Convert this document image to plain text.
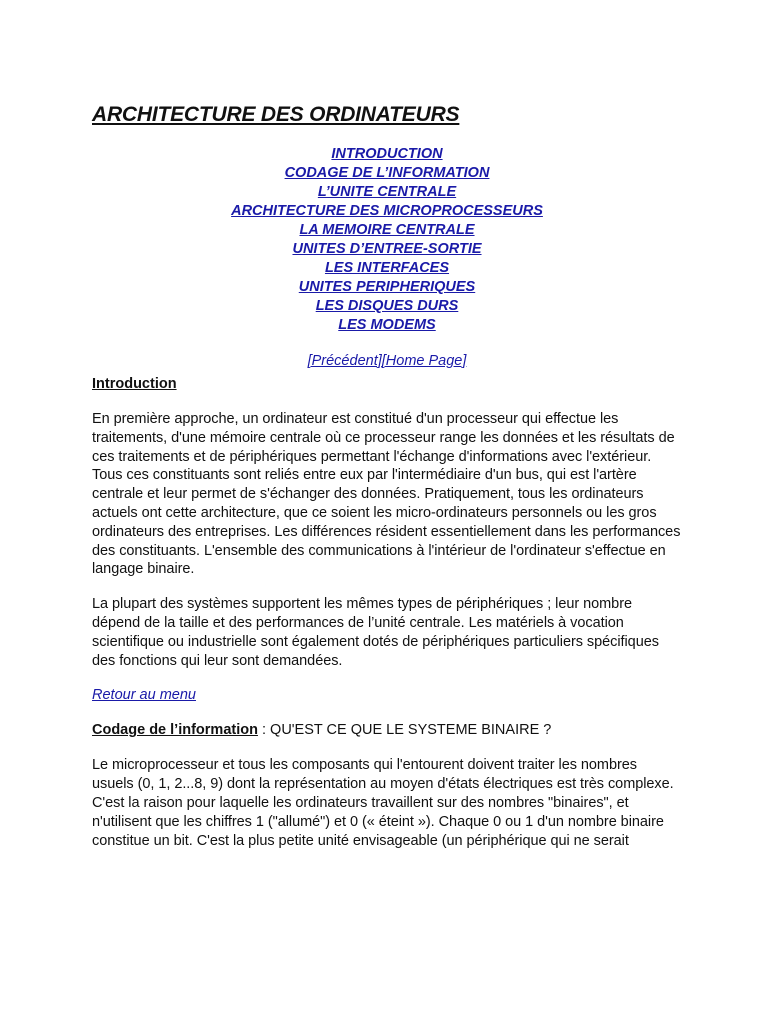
ARCHITECTURE DES ORDINATEURS
INTRODUCTION
CODAGE DE L’INFORMATION
L’UNITE CENTRALE
ARCHITECTURE DES MICROPROCESSEURS
LA MEMOIRE CENTRALE
UNITES D’ENTREE-SORTIE
LES INTERFACES
UNITES PERIPHERIQUES
LES DISQUES DURS
LES MODEMS
[Précédent][Home Page]
Introduction

En première approche, un ordinateur est constitué d'un processeur qui effectue les traitements, d'une mémoire centrale où ce processeur range les données et les résultats de ces traitements et de périphériques permettant l'échange d'informations avec l'extérieur. Tous ces constituants sont reliés entre eux par l'intermédiaire d'un bus, qui est l'artère centrale et leur permet de s'échanger des données. Pratiquement, tous les ordinateurs actuels ont cette architecture, que ce soient les micro-ordinateurs personnels ou les gros ordinateurs des entreprises. Les différences résident essentiellement dans les performances des constituants. L'ensemble des communications à l'intérieur de l'ordinateur s'effectue en langage binaire.

La plupart des systèmes supportent les mêmes types de périphériques ; leur nombre dépend de la taille et des performances de l’unité centrale. Les matériels à vocation scientifique ou industrielle sont également dotés de périphériques particuliers spécifiques des fonctions qui leur sont demandées.

Retour au menu
Codage de l’information : QU'EST CE QUE LE SYSTEME BINAIRE ?

Le microprocesseur et tous les composants qui l'entourent doivent traiter les nombres usuels (0, 1, 2...8, 9) dont la représentation au moyen d'états électriques est très complexe. C'est la raison pour laquelle les ordinateurs travaillent sur des nombres "binaires", et n'utilisent que les chiffres 1 ("allumé") et 0 (« éteint »). Chaque 0 ou 1 d'un nombre binaire constitue un bit. C'est la plus petite unité envisageable (un périphérique qui ne serait
